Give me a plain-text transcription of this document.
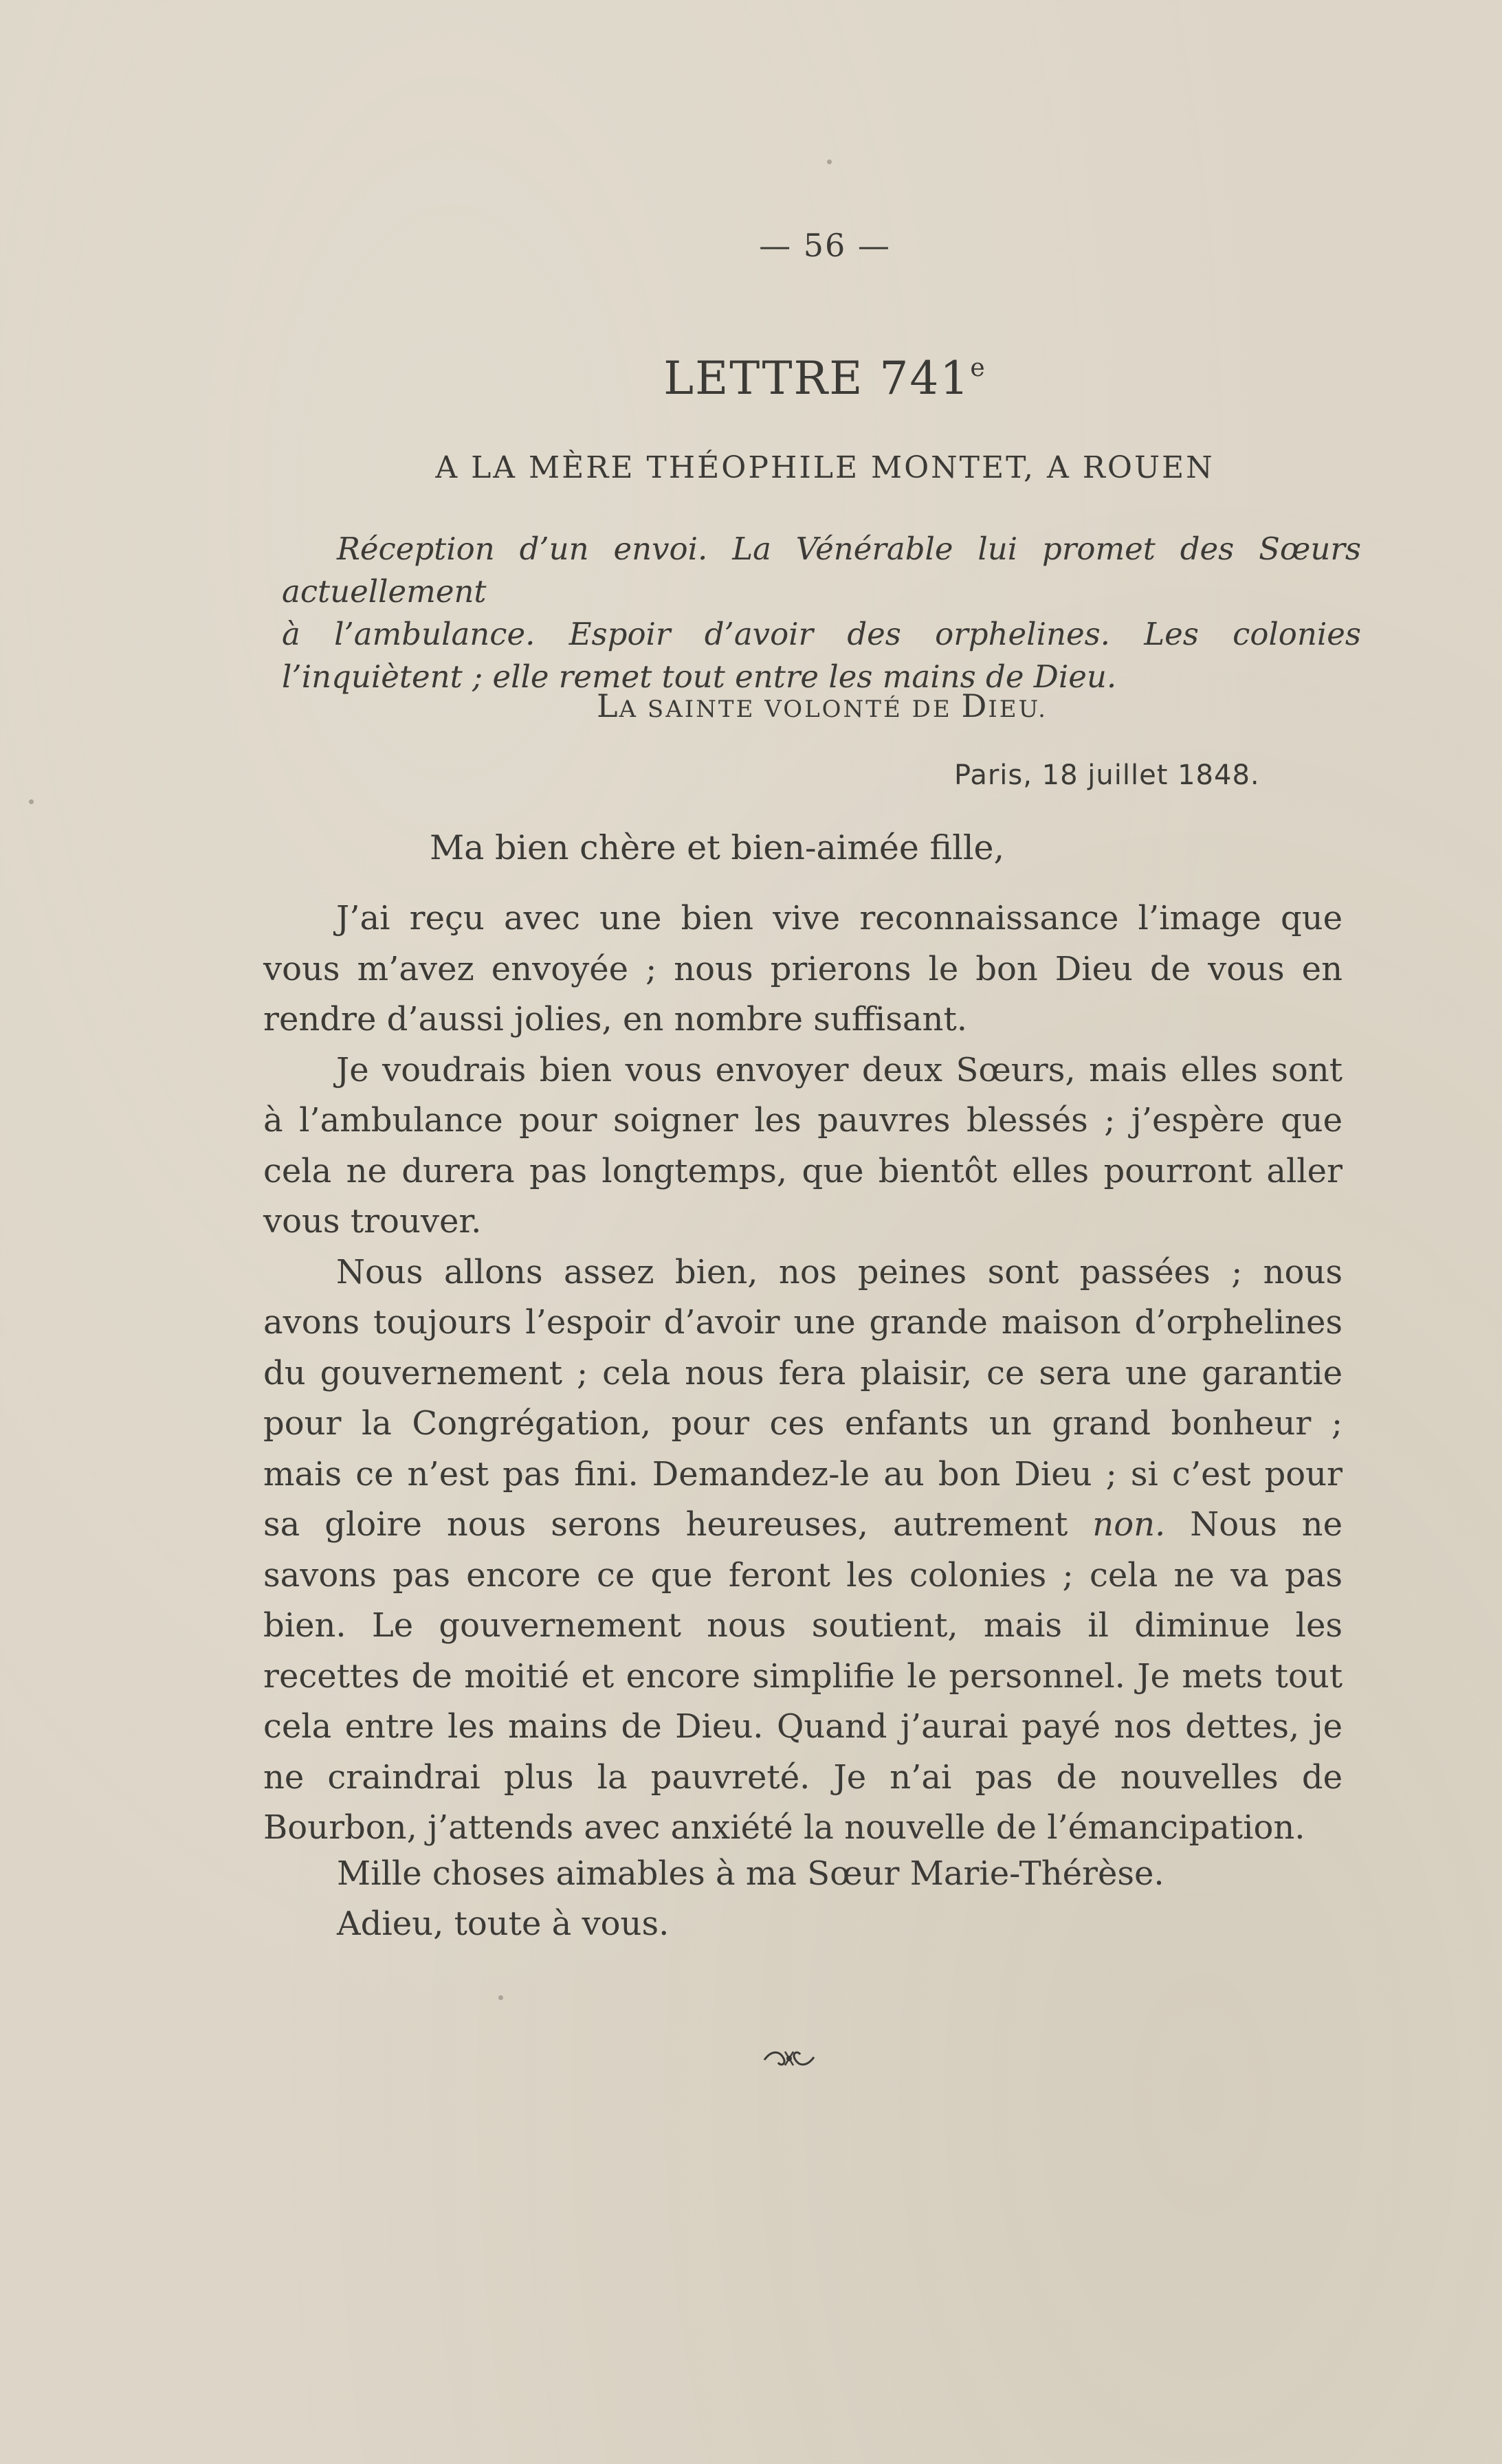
— 56 —
LETTRE 741e
A LA MÈRE THÉOPHILE MONTET, A ROUEN
Réception d’un envoi. La Vénérable lui promet des Sœurs actuellement
à l’ambulance. Espoir d’avoir des orphelines. Les colonies l’inquiètent ; elle remet tout entre les mains de Dieu.
LA SAINTE VOLONTÉ DE DIEU.
Paris, 18 juillet 1848.
Ma bien chère et bien-aimée fille,

J’ai reçu avec une bien vive reconnaissance l’image que vous m’avez envoyée ; nous prierons le bon Dieu de vous en rendre d’aussi jolies, en nombre suffisant.

Je voudrais bien vous envoyer deux Sœurs, mais elles sont à l’ambulance pour soigner les pauvres blessés ; j’espère que cela ne durera pas longtemps, que bientôt elles pourront aller vous trouver.

Nous allons assez bien, nos peines sont passées ; nous avons toujours l’espoir d’avoir une grande maison d’orphelines du gouvernement ; cela nous fera plaisir, ce sera une garantie pour la Congrégation, pour ces enfants un grand bonheur ; mais ce n’est pas fini. Demandez-le au bon Dieu ; si c’est pour sa gloire nous serons heureuses, autrement non. Nous ne savons pas encore ce que feront les colonies ; cela ne va pas bien. Le gouvernement nous soutient, mais il diminue les recettes de moitié et encore simplifie le personnel. Je mets tout cela entre les mains de Dieu. Quand j’aurai payé nos dettes, je ne craindrai plus la pauvreté. Je n’ai pas de nouvelles de Bourbon, j’attends avec anxiété la nouvelle de l’émancipation.

Mille choses aimables à ma Sœur Marie-Thérèse.
Adieu, toute à vous.
